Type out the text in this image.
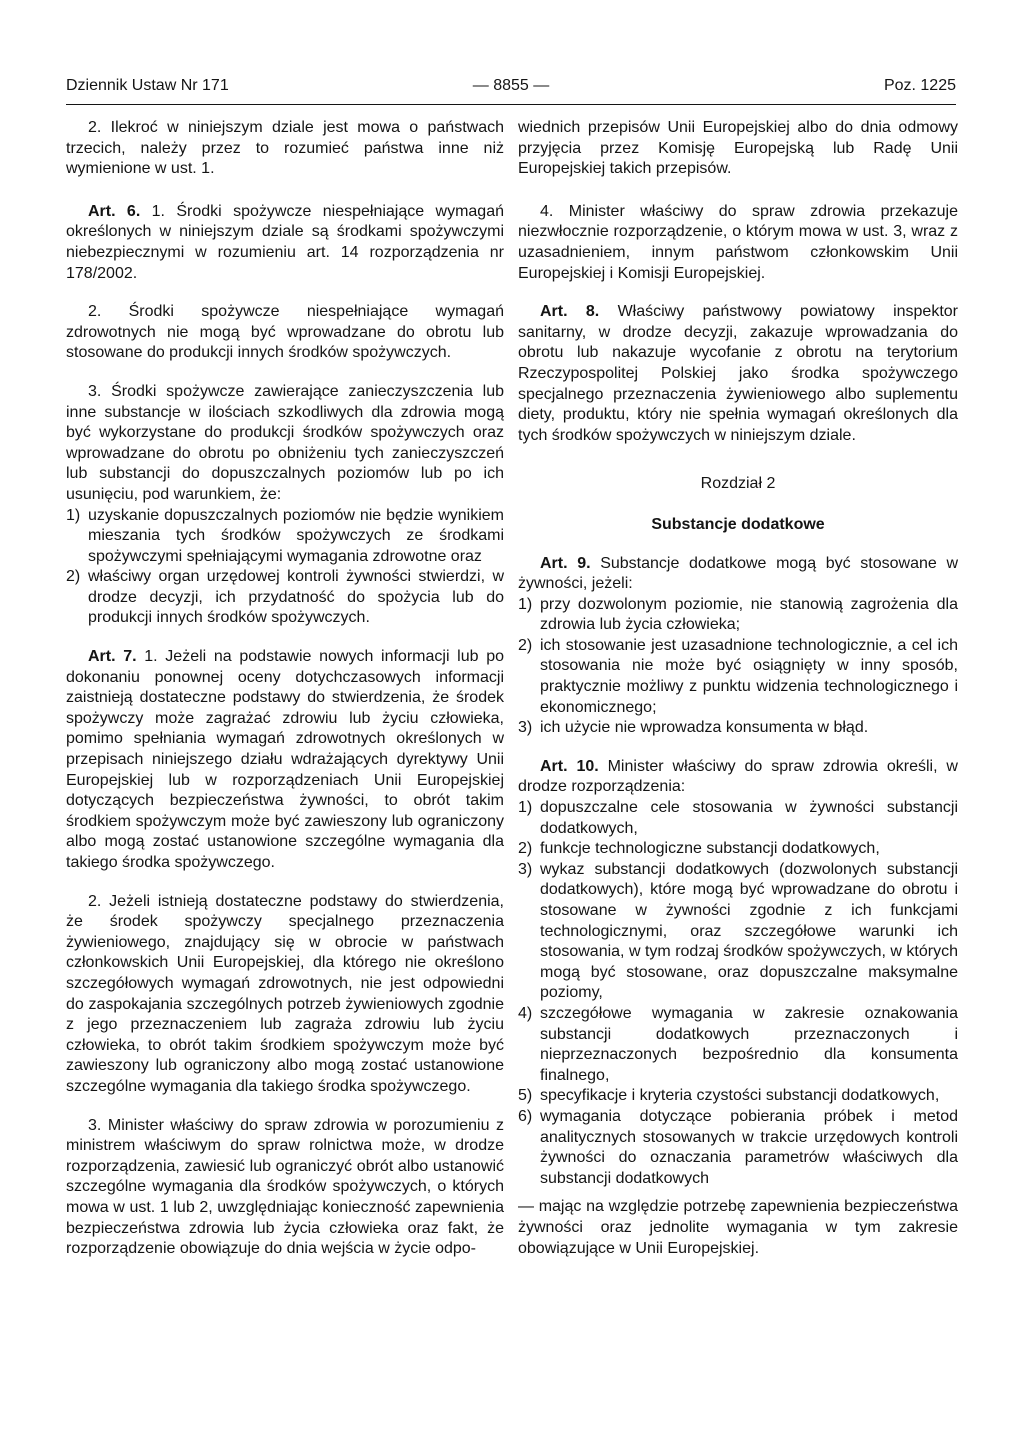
Dziennik Ustaw Nr 171	— 8855 —	Poz. 1225

2. Ilekroć w niniejszym dziale jest mowa o państwach trzecich, należy przez to rozumieć państwa inne niż wymienione w ust. 1.

Art. 6. 1. Środki spożywcze niespełniające wymagań określonych w niniejszym dziale są środkami spożywczymi niebezpiecznymi w rozumieniu art. 14 rozporządzenia nr 178/2002.

2. Środki spożywcze niespełniające wymagań zdrowotnych nie mogą być wprowadzane do obrotu lub stosowane do produkcji innych środków spożywczych.

3. Środki spożywcze zawierające zanieczyszczenia lub inne substancje w ilościach szkodliwych dla zdrowia mogą być wykorzystane do produkcji środków spożywczych oraz wprowadzane do obrotu po obniżeniu tych zanieczyszczeń lub substancji do dopuszczalnych poziomów lub po ich usunięciu, pod warunkiem, że:

1) uzyskanie dopuszczalnych poziomów nie będzie wynikiem mieszania tych środków spożywczych ze środkami spożywczymi spełniającymi wymagania zdrowotne oraz
2) właściwy organ urzędowej kontroli żywności stwierdzi, w drodze decyzji, ich przydatność do spożycia lub do produkcji innych środków spożywczych.

Art. 7. 1. Jeżeli na podstawie nowych informacji lub po dokonaniu ponownej oceny dotychczasowych informacji zaistnieją dostateczne podstawy do stwierdzenia, że środek spożywczy może zagrażać zdrowiu lub życiu człowieka, pomimo spełniania wymagań zdrowotnych określonych w przepisach niniejszego działu wdrażających dyrektywy Unii Europejskiej lub w rozporządzeniach Unii Europejskiej dotyczących bezpieczeństwa żywności, to obrót takim środkiem spożywczym może być zawieszony lub ograniczony albo mogą zostać ustanowione szczególne wymagania dla takiego środka spożywczego.

2. Jeżeli istnieją dostateczne podstawy do stwierdzenia, że środek spożywczy specjalnego przeznaczenia żywieniowego, znajdujący się w obrocie w państwach członkowskich Unii Europejskiej, dla którego nie określono szczegółowych wymagań zdrowotnych, nie jest odpowiedni do zaspokajania szczególnych potrzeb żywieniowych zgodnie z jego przeznaczeniem lub zagraża zdrowiu lub życiu człowieka, to obrót takim środkiem spożywczym może być zawieszony lub ograniczony albo mogą zostać ustanowione szczególne wymagania dla takiego środka spożywczego.

3. Minister właściwy do spraw zdrowia w porozumieniu z ministrem właściwym do spraw rolnictwa może, w drodze rozporządzenia, zawiesić lub ograniczyć obrót albo ustanowić szczególne wymagania dla środków spożywczych, o których mowa w ust. 1 lub 2, uwzględniając konieczność zapewnienia bezpieczeństwa zdrowia lub życia człowieka oraz fakt, że rozporządzenie obowiązuje do dnia wejścia w życie odpo-

wiednich przepisów Unii Europejskiej albo do dnia odmowy przyjęcia przez Komisję Europejską lub Radę Unii Europejskiej takich przepisów.

4. Minister właściwy do spraw zdrowia przekazuje niezwłocznie rozporządzenie, o którym mowa w ust. 3, wraz z uzasadnieniem, innym państwom członkowskim Unii Europejskiej i Komisji Europejskiej.

Art. 8. Właściwy państwowy powiatowy inspektor sanitarny, w drodze decyzji, zakazuje wprowadzania do obrotu lub nakazuje wycofanie z obrotu na terytorium Rzeczypospolitej Polskiej jako środka spożywczego specjalnego przeznaczenia żywieniowego albo suplementu diety, produktu, który nie spełnia wymagań określonych dla tych środków spożywczych w niniejszym dziale.

Rozdział 2

Substancje dodatkowe

Art. 9. Substancje dodatkowe mogą być stosowane w żywności, jeżeli:

1) przy dozwolonym poziomie, nie stanowią zagrożenia dla zdrowia lub życia człowieka;
2) ich stosowanie jest uzasadnione technologicznie, a cel ich stosowania nie może być osiągnięty w inny sposób, praktycznie możliwy z punktu widzenia technologicznego i ekonomicznego;
3) ich użycie nie wprowadza konsumenta w błąd.

Art. 10. Minister właściwy do spraw zdrowia określi, w drodze rozporządzenia:

1) dopuszczalne cele stosowania w żywności substancji dodatkowych,
2) funkcje technologiczne substancji dodatkowych,
3) wykaz substancji dodatkowych (dozwolonych substancji dodatkowych), które mogą być wprowadzane do obrotu i stosowane w żywności zgodnie z ich funkcjami technologicznymi, oraz szczegółowe warunki ich stosowania, w tym rodzaj środków spożywczych, w których mogą być stosowane, oraz dopuszczalne maksymalne poziomy,
4) szczegółowe wymagania w zakresie oznakowania substancji dodatkowych przeznaczonych i nieprzeznaczonych bezpośrednio dla konsumenta finalnego,
5) specyfikacje i kryteria czystości substancji dodatkowych,
6) wymagania dotyczące pobierania próbek i metod analitycznych stosowanych w trakcie urzędowych kontroli żywności do oznaczania parametrów właściwych dla substancji dodatkowych

— mając na względzie potrzebę zapewnienia bezpieczeństwa żywności oraz jednolite wymagania w tym zakresie obowiązujące w Unii Europejskiej.
